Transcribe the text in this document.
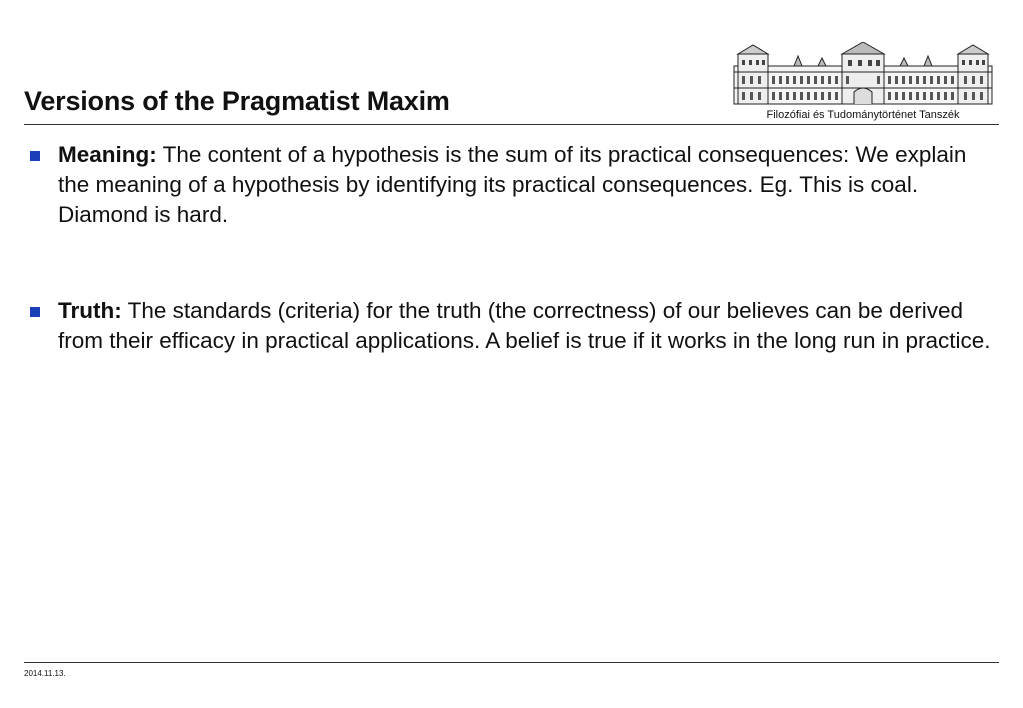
Versions of the Pragmatist Maxim	Filozófiai és Tudománytörténet Tanszék
Meaning: The content of a hypothesis is the sum of its practical consequences: We explain the meaning of a hypothesis by identifying its practical consequences. Eg. This is coal. Diamond is hard.
Truth: The standards (criteria) for the truth (the correctness) of our believes can be derived from their efficacy in practical applications. A belief is true if it works in the long run in practice.
2014.11.13.
